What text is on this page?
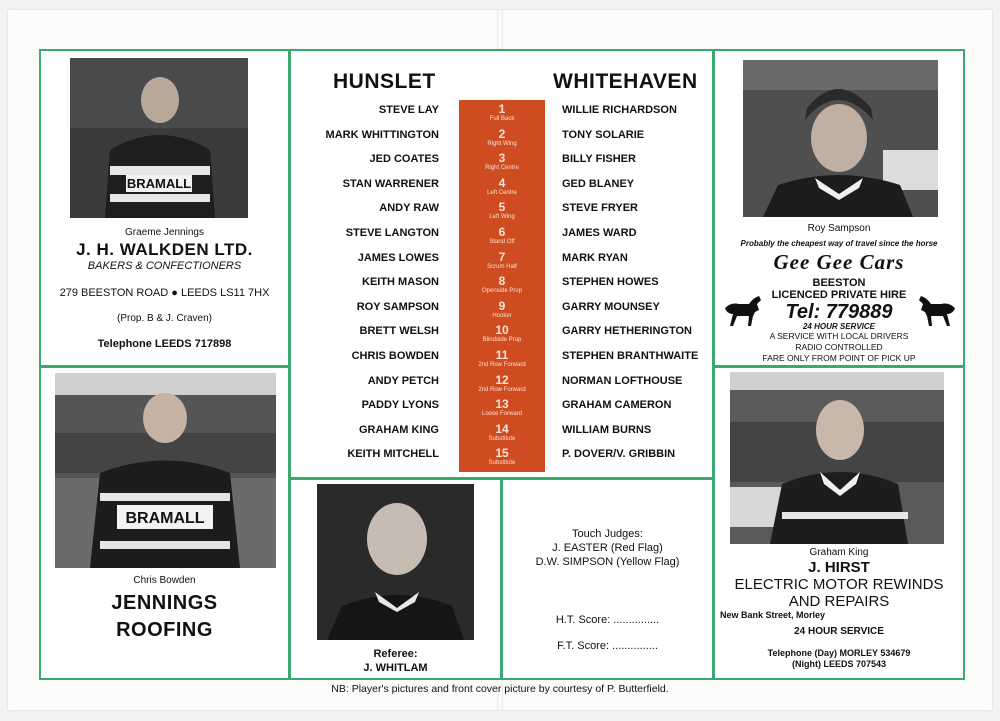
BRAMALL
Graeme Jennings
J. H. WALKDEN LTD.
BAKERS & CONFECTIONERS
279 BEESTON ROAD ● LEEDS LS11 7HX
(Prop. B & J. Craven)
Telephone LEEDS 717898
BRAMALL
Chris Bowden
JENNINGS
ROOFING
HUNSLET	WHITEHAVEN
1
Full Back
2
Right Wing
3
Right Centre
4
Left Centre
5
Left Wing
6
Stand Off
7
Scrum Half
8
Openside Prop
9
Hooker
10
Blindside Prop
11
2nd Row Forward
12
2nd Row Forward
13
Loose Forward
14
Substitute
15
Substitute
STEVE LAY
MARK WHITTINGTON
JED COATES
STAN WARRENER
ANDY RAW
STEVE LANGTON
JAMES LOWES
KEITH MASON
ROY SAMPSON
BRETT WELSH
CHRIS BOWDEN
ANDY PETCH
PADDY LYONS
GRAHAM KING
KEITH MITCHELL
WILLIE RICHARDSON
TONY SOLARIE
BILLY FISHER
GED BLANEY
STEVE FRYER
JAMES WARD
MARK RYAN
STEPHEN HOWES
GARRY MOUNSEY
GARRY HETHERINGTON
STEPHEN BRANTHWAITE
NORMAN LOFTHOUSE
GRAHAM CAMERON
WILLIAM BURNS
P. DOVER/V. GRIBBIN
Referee:
J. WHITLAM
Touch Judges:
J. EASTER (Red Flag)
D.W. SIMPSON (Yellow Flag)
H.T. Score: ...............
F.T. Score: ...............
Roy Sampson
Probably the cheapest way of travel since the horse
Gee Gee Cars
BEESTON
LICENCED PRIVATE HIRE
Tel: 779889
24 HOUR SERVICE
A SERVICE WITH LOCAL DRIVERS
RADIO CONTROLLED
FARE ONLY FROM POINT OF PICK UP
Graham King
J. HIRST
ELECTRIC MOTOR REWINDS
AND REPAIRS
New Bank Street, Morley
24 HOUR SERVICE
Telephone (Day) MORLEY 534679
(Night) LEEDS 707543
NB: Player's pictures and front cover picture by courtesy of P. Butterfield.
